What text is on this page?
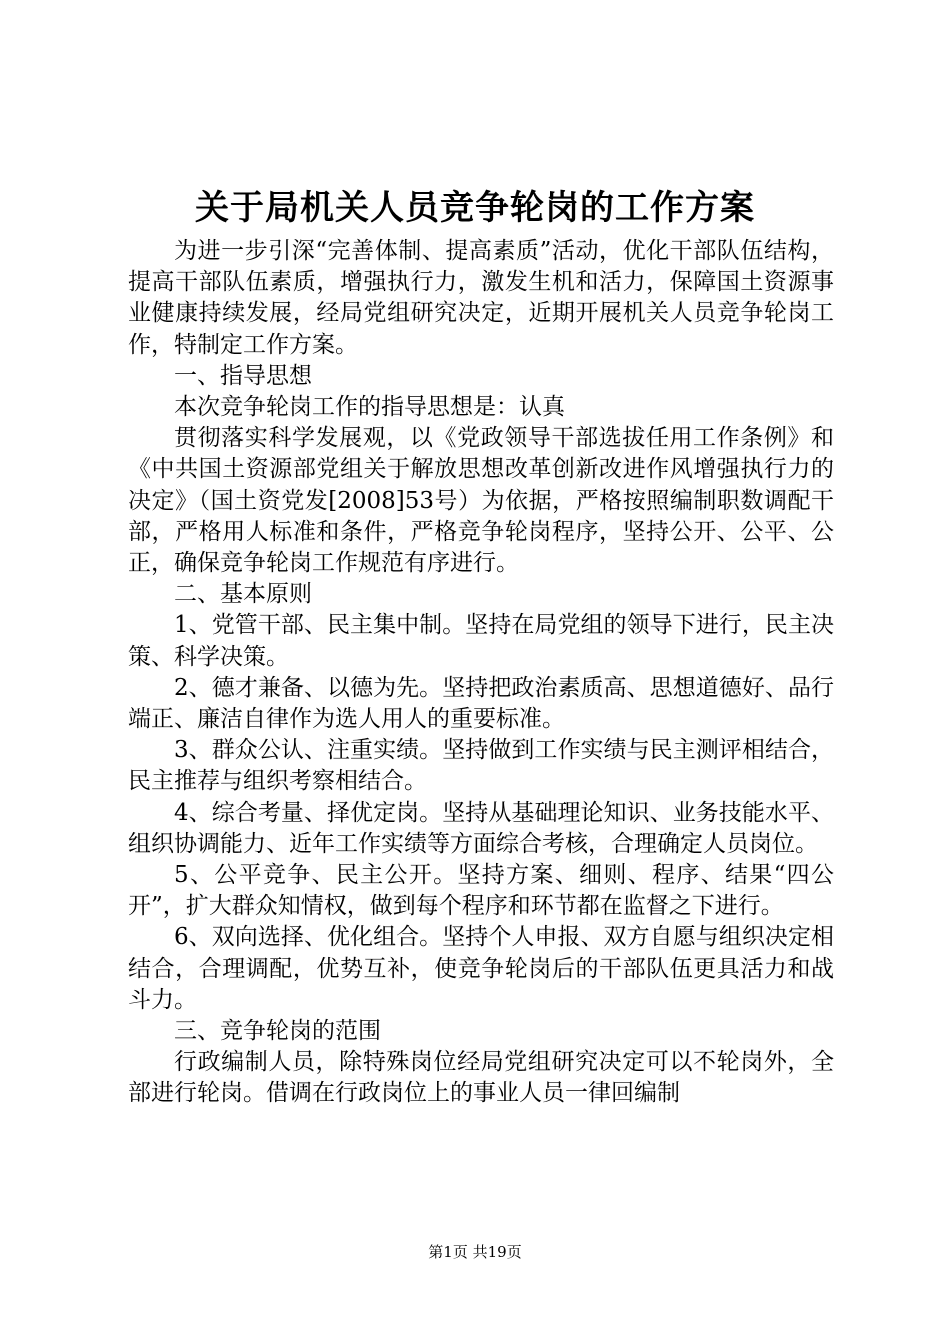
关于局机关人员竞争轮岗的工作方案

为进一步引深“完善体制、提高素质”活动，优化干部队伍结构，提高干部队伍素质，增强执行力，激发生机和活力，保障国土资源事业健康持续发展，经局党组研究决定，近期开展机关人员竞争轮岗工作，特制定工作方案。

一、指导思想

本次竞争轮岗工作的指导思想是：认真

贯彻落实科学发展观，以《党政领导干部选拔任用工作条例》和《中共国土资源部党组关于解放思想改革创新改进作风增强执行力的决定》（国土资党发[2008]53号）为依据，严格按照编制职数调配干部，严格用人标准和条件，严格竞争轮岗程序，坚持公开、公平、公正，确保竞争轮岗工作规范有序进行。

二、基本原则

1、党管干部、民主集中制。坚持在局党组的领导下进行，民主决策、科学决策。

2、德才兼备、以德为先。坚持把政治素质高、思想道德好、品行端正、廉洁自律作为选人用人的重要标准。

3、群众公认、注重实绩。坚持做到工作实绩与民主测评相结合，民主推荐与组织考察相结合。

4、综合考量、择优定岗。坚持从基础理论知识、业务技能水平、组织协调能力、近年工作实绩等方面综合考核，合理确定人员岗位。

5、公平竞争、民主公开。坚持方案、细则、程序、结果“四公开”，扩大群众知情权，做到每个程序和环节都在监督之下进行。

6、双向选择、优化组合。坚持个人申报、双方自愿与组织决定相结合，合理调配，优势互补，使竞争轮岗后的干部队伍更具活力和战斗力。

三、竞争轮岗的范围

行政编制人员，除特殊岗位经局党组研究决定可以不轮岗外，全部进行轮岗。借调在行政岗位上的事业人员一律回编制

第1页 共19页
